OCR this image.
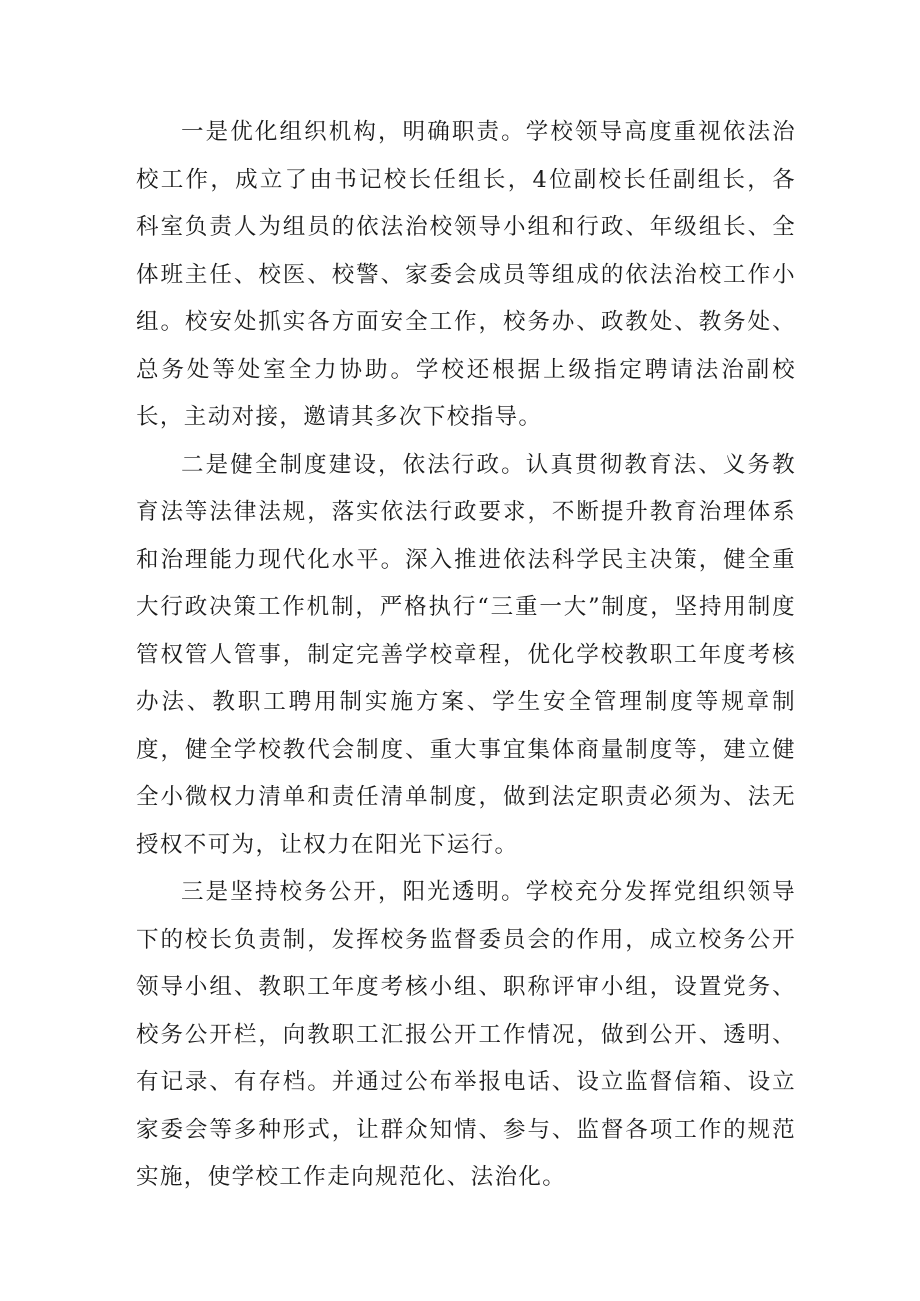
一是优化组织机构，明确职责。学校领导高度重视依法治校工作，成立了由书记校长任组长，4位副校长任副组长，各科室负责人为组员的依法治校领导小组和行政、年级组长、全体班主任、校医、校警、家委会成员等组成的依法治校工作小组。校安处抓实各方面安全工作，校务办、政教处、教务处、总务处等处室全力协助。学校还根据上级指定聘请法治副校长，主动对接，邀请其多次下校指导。

二是健全制度建设，依法行政。认真贯彻教育法、义务教育法等法律法规，落实依法行政要求，不断提升教育治理体系和治理能力现代化水平。深入推进依法科学民主决策，健全重大行政决策工作机制，严格执行“三重一大”制度，坚持用制度管权管人管事，制定完善学校章程，优化学校教职工年度考核办法、教职工聘用制实施方案、学生安全管理制度等规章制度，健全学校教代会制度、重大事宜集体商量制度等，建立健全小微权力清单和责任清单制度，做到法定职责必须为、法无授权不可为，让权力在阳光下运行。

三是坚持校务公开，阳光透明。学校充分发挥党组织领导下的校长负责制，发挥校务监督委员会的作用，成立校务公开领导小组、教职工年度考核小组、职称评审小组，设置党务、校务公开栏，向教职工汇报公开工作情况，做到公开、透明、有记录、有存档。并通过公布举报电话、设立监督信箱、设立家委会等多种形式，让群众知情、参与、监督各项工作的规范实施，使学校工作走向规范化、法治化。
